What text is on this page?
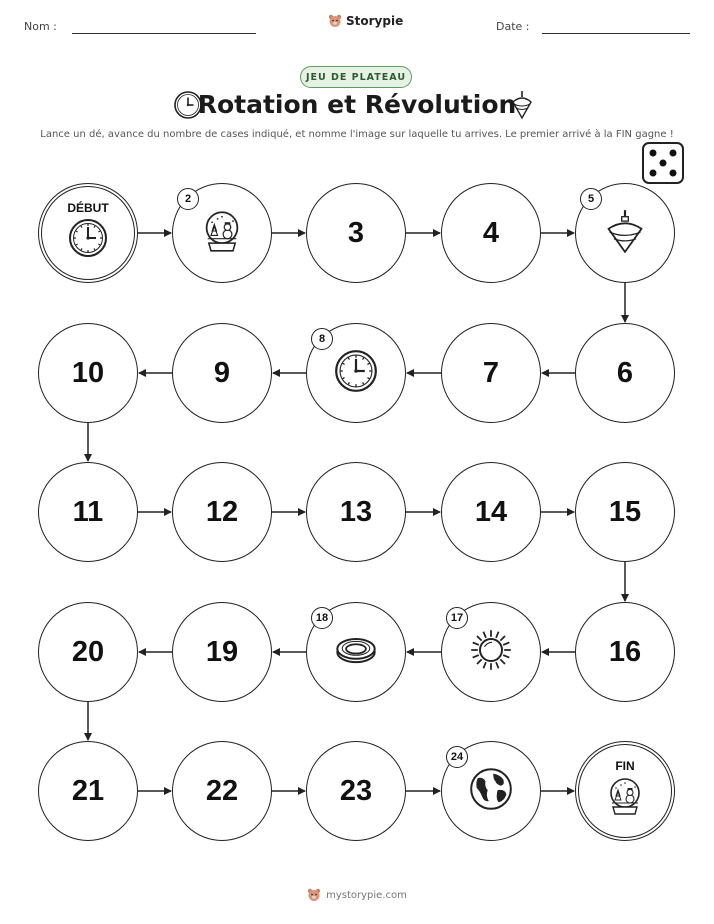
Nom :	Storypie	Date :
JEU DE PLATEAU
Rotation et Révolution
Lance un dé, avance du nombre de cases indiqué, et nomme l'image sur laquelle tu arrives. Le premier arrivé à la FIN gagne !
DÉBUT
2
3	4
5
6
7
8
9
10
11	12	13	14	15
16
17
18
19
20
21	22	23
24
FIN
mystorypie.com
